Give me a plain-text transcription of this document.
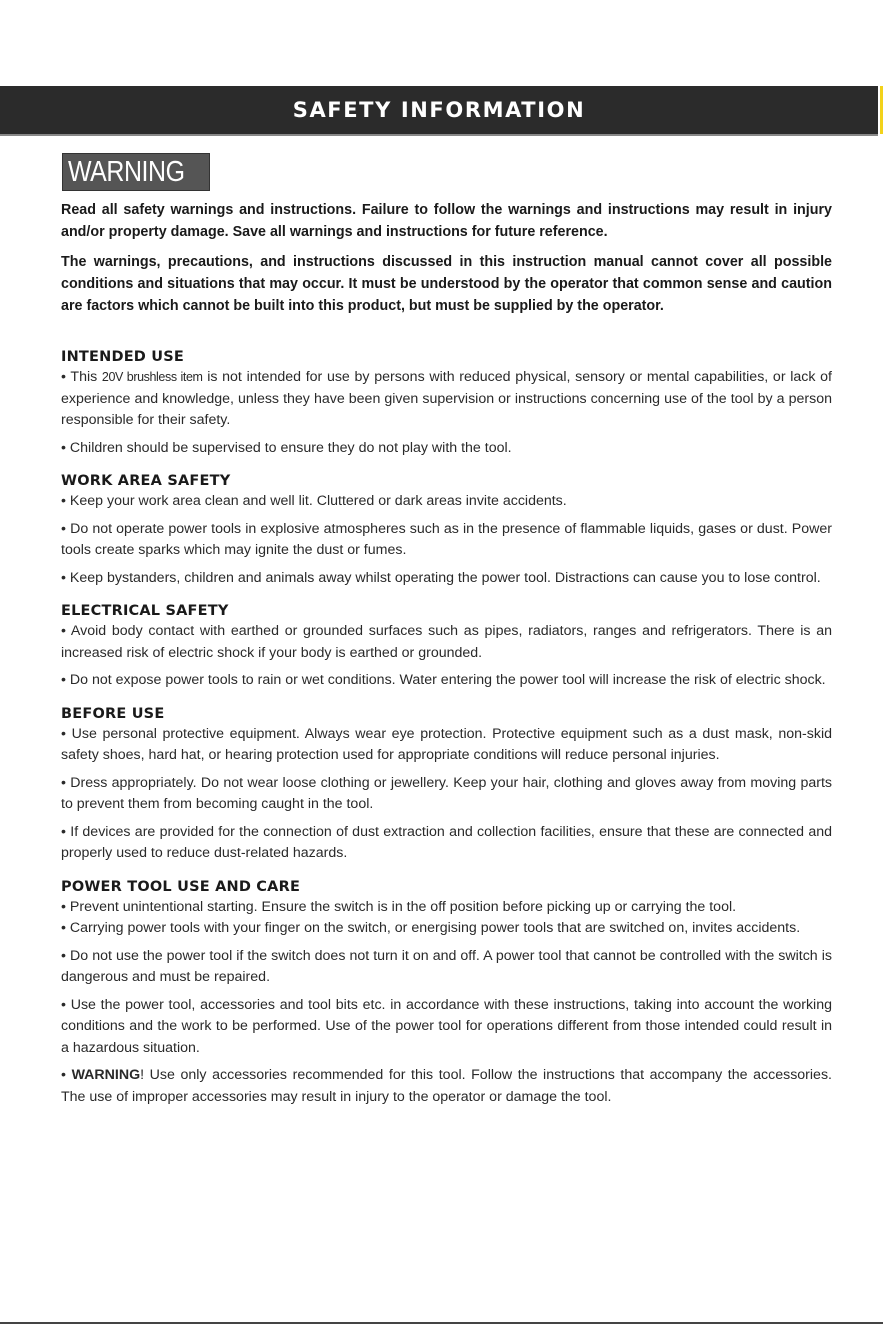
SAFETY INFORMATION
WARNING

Read all safety warnings and instructions. Failure to follow the warnings and instructions may result in injury and/or property damage. Save all warnings and instructions for future reference.

The warnings, precautions, and instructions discussed in this instruction manual cannot cover all possible conditions and situations that may occur. It must be understood by the operator that common sense and caution are factors which cannot be built into this product, but must be supplied by the operator.

INTENDED USE

• This 20V brushless item is not intended for use by persons with reduced physical, sensory or mental capabilities, or lack of experience and knowledge, unless they have been given supervision or instructions concerning use of the tool by a person responsible for their safety.

• Children should be supervised to ensure they do not play with the tool.

WORK AREA SAFETY

• Keep your work area clean and well lit. Cluttered or dark areas invite accidents.

• Do not operate power tools in explosive atmospheres such as in the presence of flammable liquids, gases or dust. Power tools create sparks which may ignite the dust or fumes.

• Keep bystanders, children and animals away whilst operating the power tool. Distractions can cause you to lose control.

ELECTRICAL SAFETY

• Avoid body contact with earthed or grounded surfaces such as pipes, radiators, ranges and refrigerators. There is an increased risk of electric shock if your body is earthed or grounded.

• Do not expose power tools to rain or wet conditions. Water entering the power tool will increase the risk of electric shock.

BEFORE USE

• Use personal protective equipment. Always wear eye protection. Protective equipment such as a dust mask, non-skid safety shoes, hard hat, or hearing protection used for appropriate conditions will reduce personal injuries.

• Dress appropriately. Do not wear loose clothing or jewellery. Keep your hair, clothing and gloves away from moving parts to prevent them from becoming caught in the tool.

• If devices are provided for the connection of dust extraction and collection facilities, ensure that these are connected and properly used to reduce dust-related hazards.

POWER TOOL USE AND CARE

• Prevent unintentional starting. Ensure the switch is in the off position before picking up or carrying the tool.

• Carrying power tools with your finger on the switch, or energising power tools that are switched on, invites accidents.

• Do not use the power tool if the switch does not turn it on and off. A power tool that cannot be controlled with the switch is dangerous and must be repaired.

• Use the power tool, accessories and tool bits etc. in accordance with these instructions, taking into account the working conditions and the work to be performed. Use of the power tool for operations different from those intended could result in a hazardous situation.

• WARNING! Use only accessories recommended for this tool. Follow the instructions that accompany the accessories. The use of improper accessories may result in injury to the operator or damage the tool.
